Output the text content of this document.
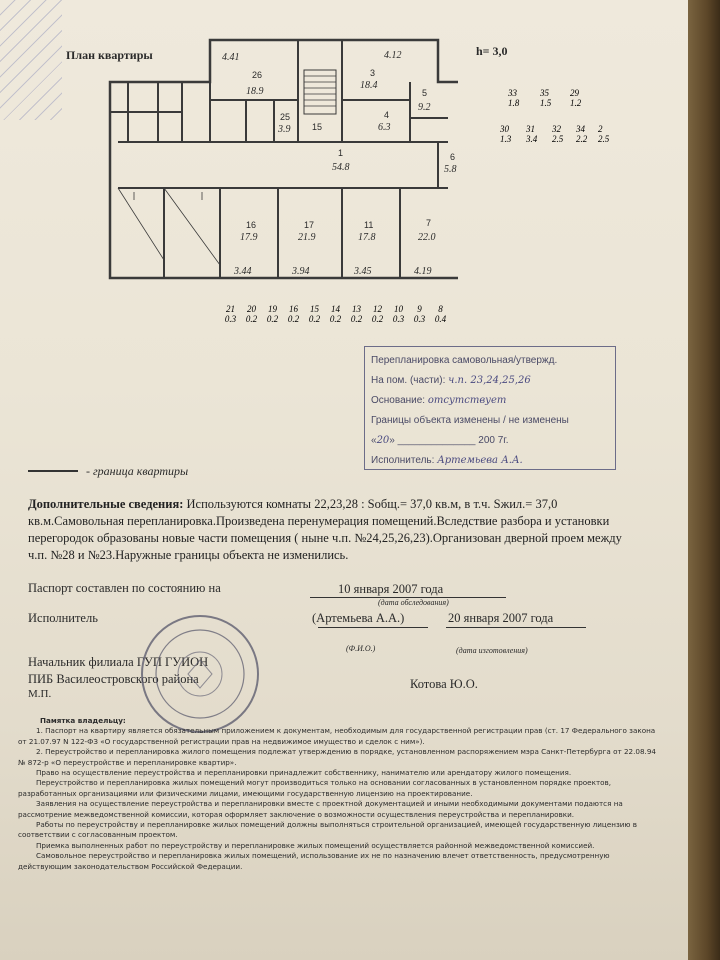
План квартиры	h= 3,0
26
18.9
3
18.4
5
9.2
1
54.8
6
5.8
15
16
17.9
17
21.9
11
17.8
7
22.0
4
6.3
25
3.9
4.41	4.12
3.44	3.94	3.45	4.19
33
1.8
35
1.5
29
1.2
30
1.3
31
3.4
32
2.5
34
2.2
2
2.5
21 20 19 16 15 14 13 12 10 9 8
0.3 0.2 0.2 0.2 0.2 0.2 0.2 0.2 0.3 0.3 0.4
Перепланировка самовольная/утвержд.
На пом. (части): ч.п. 23,24,25,26
Основание: отсутствует
Границы объекта изменены / не изменены
«20» ______________ 200 7г.
Исполнитель: Артемьева А.А.
- граница квартиры

Дополнительные сведения: Используются комнаты 22,23,28 : Sобщ.= 37,0 кв.м, в т.ч. Sжил.= 37,0 кв.м.Самовольная перепланировка.Произведена перенумерация помещений.Вследствие разбора и установки перегородок образованы новые части помещения ( ныне ч.п. №24,25,26,23).Организован дверной проем между ч.п. №28 и №23.Наружные границы объекта не изменились.

Паспорт составлен по состоянию на	10 января 2007 года
(дата обследования)
Исполнитель	(Артемьева А.А.)	20 января 2007 года
(Ф.И.О.)	(дата изготовления)
Начальник филиала ГУП ГУИОН
ПИБ Василеостровского района
М.П.
Котова Ю.О.
Памятка владельцу:

1. Паспорт на квартиру является обязательным приложением к документам, необходимым для государственной регистрации прав (ст. 17 Федерального закона от 21.07.97 N 122-ФЗ «О государственной регистрации прав на недвижимое имущество и сделок с ним»).

2. Переустройство и перепланировка жилого помещения подлежат утверждению в порядке, установленном распоряжением мэра Санкт-Петербурга от 22.08.94 № 872-р «О переустройстве и перепланировке квартир».

Право на осуществление переустройства и перепланировки принадлежит собственнику, нанимателю или арендатору жилого помещения.

Переустройство и перепланировка жилых помещений могут производиться только на основании согласованных в установленном порядке проектов, разработанных организациями или физическими лицами, имеющими государственную лицензию на проектирование.

Заявления на осуществление переустройства и перепланировки вместе с проектной документацией и иными необходимыми документами подаются на рассмотрение межведомственной комиссии, которая оформляет заключение о возможности осуществления переустройства и перепланировки.

Работы по переустройству и перепланировке жилых помещений должны выполняться строительной организацией, имеющей государственную лицензию в соответствии с согласованным проектом.

Приемка выполненных работ по переустройству и перепланировке жилых помещений осуществляется районной межведомственной комиссией.

Самовольное переустройство и перепланировка жилых помещений, использование их не по назначению влечет ответственность, предусмотренную действующим законодательством Российской Федерации.
